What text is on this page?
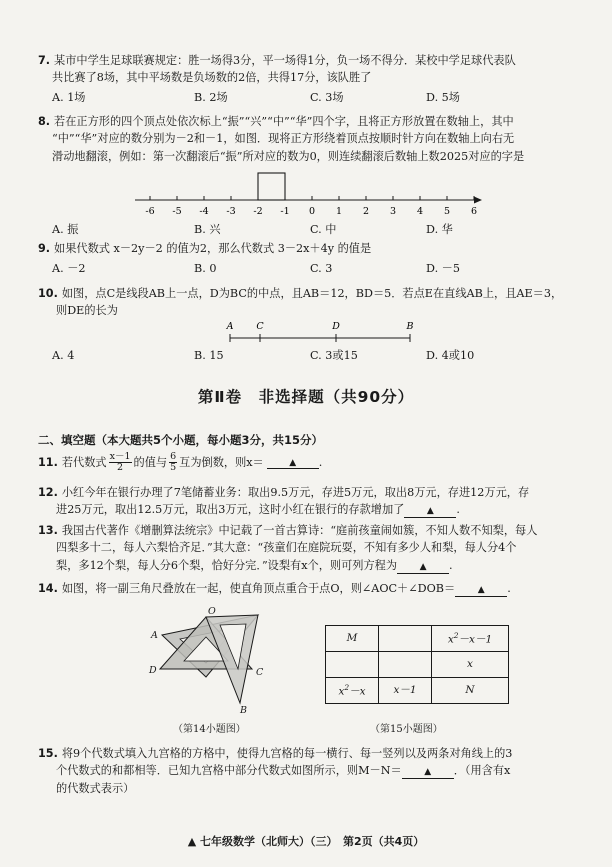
7. 某市中学生足球联赛规定：胜一场得3分，平一场得1分，负一场不得分．某校中学足球代表队
共比赛了8场，其中平场数是负场数的2倍，共得17分，该队胜了
A. 1场	B. 2场	C. 3场	D. 5场
8. 若在正方形的四个顶点处依次标上“振”“兴”“中”“华”四个字，且将正方形放置在数轴上，其中
“中”“华”对应的数分别为－2和－1，如图．现将正方形绕着顶点按顺时针方向在数轴上向右无
滑动地翻滚，例如：第一次翻滚后“振”所对应的数为0，则连续翻滚后数轴上数2025对应的字是
-6 -5 -4 -3 -2 -1 0 1 2 3 4 5 6
A. 振	B. 兴	C. 中	D. 华
9. 如果代数式 x－2y－2 的值为2，那么代数式 3－2x＋4y 的值是
A. －2	B. 0	C. 3	D. －5
10. 如图，点C是线段AB上一点，D为BC的中点，且AB＝12，BD＝5．若点E在直线AB上，且AE＝3，
则DE的长为
A C	D	B
A. 4	B. 15	C. 3或15	D. 4或10
第Ⅱ卷　非选择题（共90分）
二、填空题（本大题共5个小题，每小题3分，共15分）
11. 若代数式 $\frac{x-1}{2}$ 的值与 $\frac{6}{5}$ 互为倒数，则x＝	▲	.
12. 小红今年在银行办理了7笔储蓄业务：取出9.5万元，存进5万元，取出8万元，存进12万元，存
进25万元，取出12.5万元，取出3万元，这时小红在银行的存款增加了	▲ .
13. 我国古代著作《增删算法统宗》中记载了一首古算诗：“庭前孩童闹如簇，不知人数不知梨，每人
四梨多十二，每人六梨恰齐足．”其大意：“孩童们在庭院玩耍，不知有多少人和梨，每人分4个
梨，多12个梨，每人分6个梨，恰好分完．”设梨有x个，则可列方程为	▲ .
14. 如图，将一副三角尺叠放在一起，使直角顶点重合于点O，则∠AOC＋∠DOB＝	▲ .
A
O
D	C
B
M		$x^2-x-1$
		x
$x^2-x$	x－1	N
（第14小题图）	（第15小题图）
15. 将9个代数式填入九宫格的方格中，使得九宫格的每一横行、每一竖列以及两条对角线上的3
个代数式的和都相等．已知九宫格中部分代数式如图所示，则M－N＝	▲ ．（用含有x
的代数式表示）
▲ 七年级数学（北师大）（三）　第2页（共4页）
